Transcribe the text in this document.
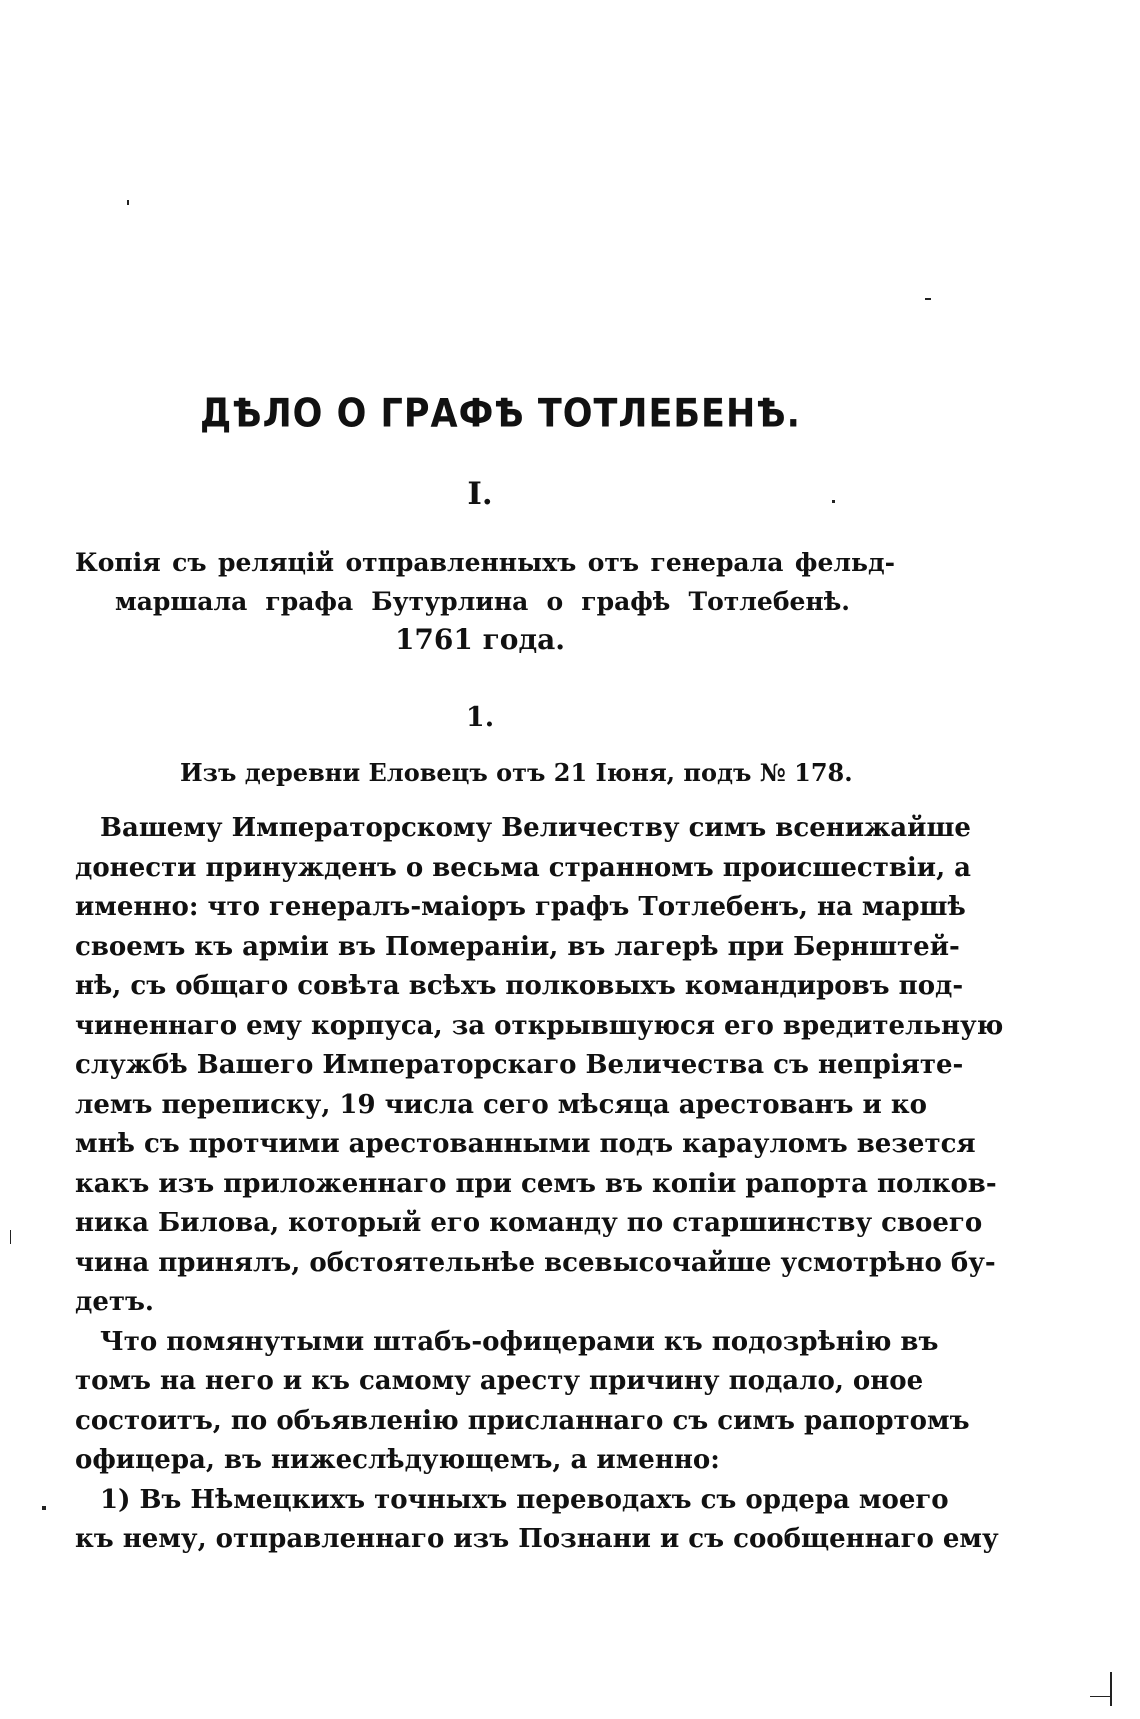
ДѢЛО О ГРАФѢ ТОТЛЕБЕНѢ.
I.
Копія съ реляцій отправленныхъ отъ генерала фельд-
маршала графа Бутурлина о графѣ Тотлебенѣ.
1761 года.
1.
Изъ деревни Еловецъ отъ 21 Іюня, подъ № 178.
Вашему Императорскому Величеству симъ всенижайше
донести принужденъ о весьма странномъ происшествіи, а
именно: что генералъ-маіоръ графъ Тотлебенъ, на маршѣ
своемъ къ арміи въ Помераніи, въ лагерѣ при Бернштей-
нѣ, съ общаго совѣта всѣхъ полковыхъ командировъ под-
чиненнаго ему корпуса, за открывшуюся его вредительную
службѣ Вашего Императорскаго Величества съ непріяте-
лемъ переписку, 19 числа сего мѣсяца арестованъ и ко
мнѣ съ протчими арестованными подъ карауломъ везется
какъ изъ приложеннаго при семъ въ копіи рапорта полков-
ника Билова, который его команду по старшинству своего
чина принялъ, обстоятельнѣе всевысочайше усмотрѣно бу-
детъ.
Что помянутыми штабъ-офицерами къ подозрѣнію въ
томъ на него и къ самому аресту причину подало, оное
состоитъ, по объявленію присланнаго съ симъ рапортомъ
офицера, въ нижеслѣдующемъ, а именно:
1) Въ Нѣмецкихъ точныхъ переводахъ съ ордера моего
къ нему, отправленнаго изъ Познани и съ сообщеннаго ему
